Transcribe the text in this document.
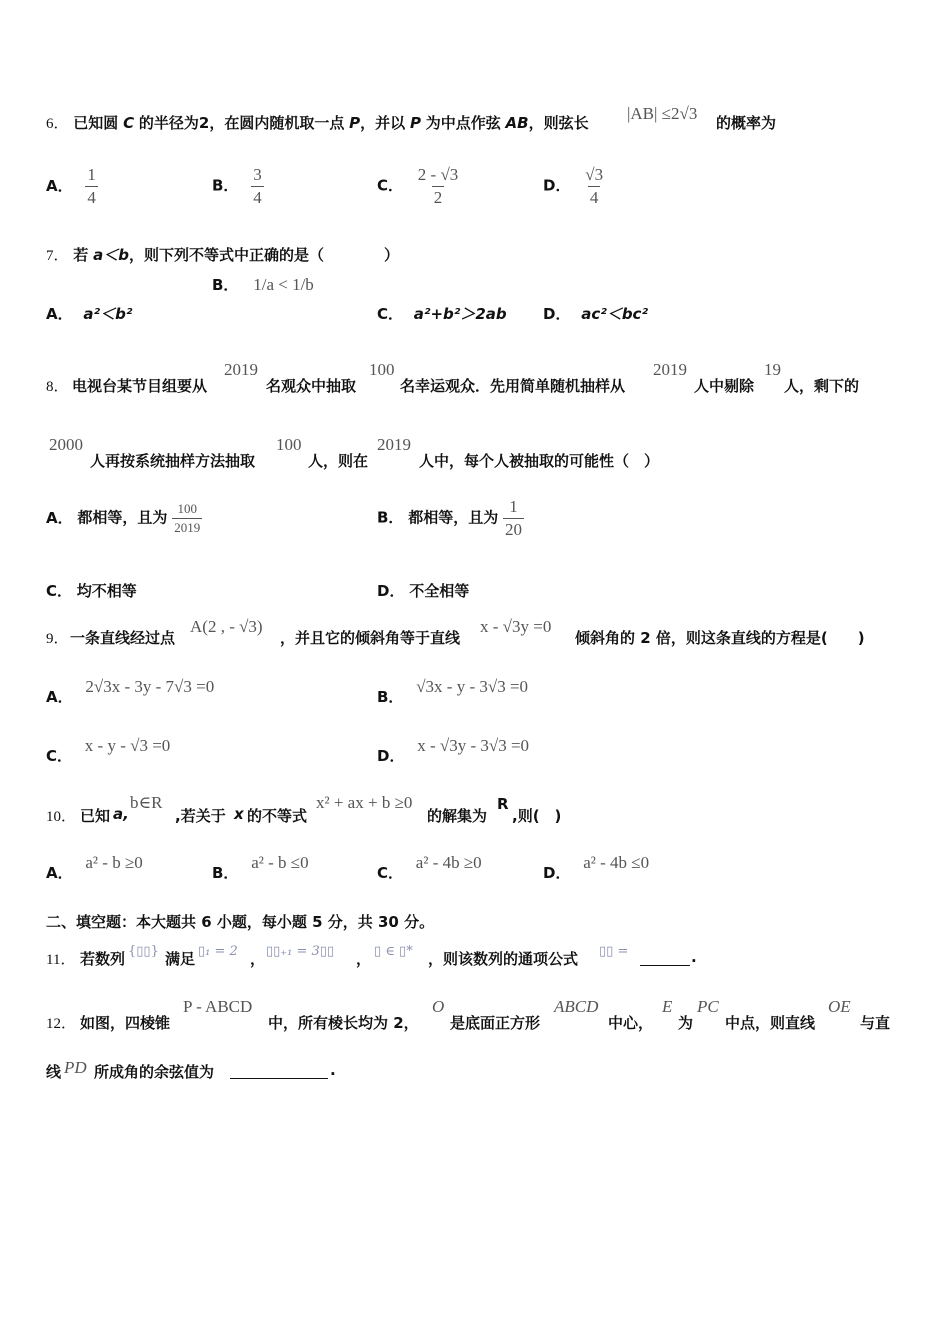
6． 已知圆 C 的半径为2，在圆内随机取一点 P，并以 P 为中点作弦 AB，则弦长 |AB| ≤2√3 的概率为
A． $\frac{1}{4}$	B． $\frac{3}{4}$	C． $\frac{2 - √3}{2}$	D． $\frac{√3}{4}$
7． 若 a＜b，则下列不等式中正确的是（　　　　）
A． a²＜b²
B． 1/a < 1/b
C． a²+b²＞2ab D． ac²＜bc²
8． 电视台某节目组要从
2019
名观众中抽取
100
名幸运观众．先用简单随机抽样从
2019
人中剔除
19
人，剩下的
2000
人再按系统抽样方法抽取
100
人，则在
2019
人中，每个人被抽取的可能性（　）
A． 都相等，且为 $\frac{100}{2019}$	B． 都相等，且为 $\frac{1}{20}$
C． 均不相等	D． 不全相等
9． 一条直线经过点
A(2 , - √3)
，并且它的倾斜角等于直线
x - √3y =0
倾斜角的 2 倍，则这条直线的方程是(　　)
A． 2√3x - 3y - 7√3 =0
B． √3x - y - 3√3 =0
C． x - y - √3 =0
D． x - √3y - 3√3 =0
10． 已知 a,
b∈R
,若关于 x 的不等式
x² + ax + b ≥0
的解集为
R
,则(　)
A． a² - b ≥0
B． a² - b ≤0
C． a² - 4b ≥0
D． a² - 4b ≤0
二、填空题：本大题共 6 小题，每小题 5 分，共 30 分。
11． 若数列 {▯▯} 满足 ▯₁ = 2 ， ▯▯₊₁ = 3▯▯ ， ▯ ∈ ▯* ，则该数列的通项公式 ▯▯ =	.
12． 如图，四棱锥
P - ABCD
中，所有棱长均为 2，
O
是底面正方形
ABCD
中心，
E
为
PC
中点，则直线
OE
与直
线 PD 所成角的余弦值为	.
